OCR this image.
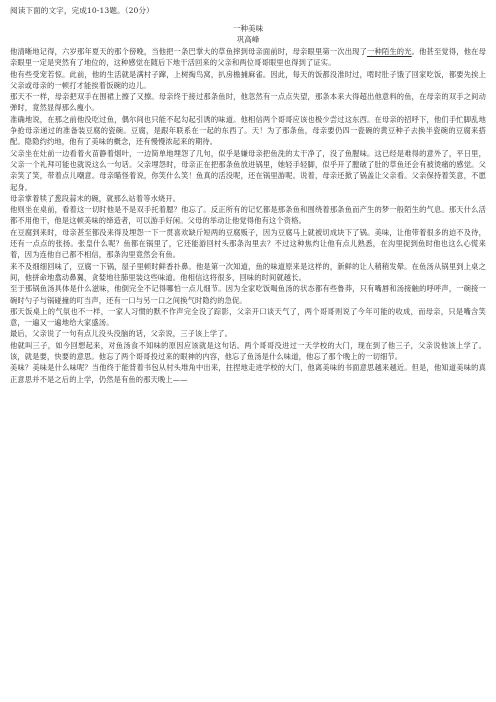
阅读下面的文字，完成10-13题。（20分）

一种美味

巩高峰

他清晰地记得，六岁那年夏天的那个傍晚，当他把一条巴掌大的草鱼摔到母亲面前时，母亲眼里第一次出现了一种陌生的光。他甚至觉得，他在母亲眼里一定是突然有了地位的，这种感觉在随后下地干活回来的父亲和两位哥哥眼里也得到了证实。

他有些受宠若惊。此前，他的生活就是满村子蹿，上树掏鸟窝，扒房檐捕麻雀。因此，每天的饭都没准时过，啃时肚子饿了回家吃饭，都要先挨上父亲或母亲的一顿打才能挨着饭碗的边儿。

那天不一样，母亲把双手在围裙上擦了又擦。母亲终于接过那条鱼时，他忽然有一点点失望，那条本来大得超出他意料的鱼，在母亲的双手之间动弹时，竟然显得那么瘦小。

准确地说，在那之前他没吃过鱼，偶尔间也只能不起勾起引诱的味道。他相信两个哥哥应该也极少尝过这东西。在母亲的招呼下，他们手忙脚乱地争抢母亲递过的准备装豆腐的瓷碗。豆腐，是跟年联系在一起的东西了。天！为了那条鱼，母亲要仍四一瓷碗的黄豆种子去换半瓷碗的豆腐来搭配。隐隐约约地，他有了美味的概念，还有慢慢浓起来的期待。

父亲坐在灶前一边看着火苗静着烟叶，一边简单地埋怨了几句，似乎是嫌母亲把鱼洗的太干净了，没了鱼腥味。这已经是难得的意外了，平日里，父亲一个礼拜可能也就说这么一句话。父亲埋怨时，母亲正在把那条鱼放进锅里，她轻手轻脚，似乎开了膛破了肚的草鱼还会有被烫痛的感觉。父亲笑了笑，带着点儿嘲意。母亲瞄怪着说，你笑什么笑！鱼真的活没呢，还在锅里游呢。说着，母亲还掀了锅盖让父亲看。父亲保持着笑意，不愿起身。

母亲掌着犊了葱段蒜末的碗，就那么站着等水烧开。

他则坐在桌前，看着这一切时他是不是双手托着腮？他忘了。反正所有的记忆都是那条鱼和围绕着那条鱼而产生的梦一般陌生的气息。那天什么活都不用他干，他是这顿美味的缔造者，可以游手好闲。父母的举动让他觉得他有这个资格。

在豆腐到来时，母亲甚至都没来得及埋怨一下一贯喜欢缺斤短两的豆腐贩子，因为豆腐马上就被切成块下了锅。美味，让他带着很多的迫不及待，还有一点点的张扬。张皇什么呢？鱼都在锅里了，它还能游回村头那条沟里去？不过这种焦灼让他有点儿熟悉，在沟里捉到鱼时他也这么心慌来着，因为连他自己都不相信，那条沟里竟然会有鱼。

来不及细细回味了，豆腐一下锅，屋子里顿时鲜香扑鼻。他是第一次知道，鱼的味道原来是这样的，新鲜的让人稍稍发晕。在鱼汤从锅里到上桌之间，他拼命地翕动鼻翼，贪婪地往肺里装这些味道。他相信这将很多，回味的时间就越长。

至于那锅鱼汤具体是什么滋味，他倒完全不记得哪怕一点儿细节。因为全家吃饭喝鱼汤的状态都有些鲁莽，只有嘴唇和汤接触的呼呼声，一碗接一碗时勺子与锅碰撞的叮当声，还有一口与另一口之间换气时隐约的急促。

那天饭桌上的气氛也不一样，一家人习惯的默不作声完全没了踪影，父亲开口谈天气了，两个哥哥则说了今年可能的收成，而母亲，只是嘴含笑意，一遍又一遍地给大家盛汤。

最后，父亲说了一句有点儿没头没脑的话，父亲说，三子该上学了。

他就叫三子，如今回想起来，对鱼汤食不知味的原因应该就是这句话。两个哥哥没进过一天学校的大门，现在到了他三子，父亲说他该上学了。该，就是要，快要的意思。他忘了两个哥哥投过来的眼神的内容，他忘了鱼汤是什么味道，他忘了那个晚上的一切细节。

美味？美味是什么味呢？当他终于能背着书包从村头堆角中出来，拄捏地走进学校的大门，他离美味的书面意思越来越近。但是，他知道美味的真正意思并不是之后的上学，仍然是有鱼的那天晚上——
